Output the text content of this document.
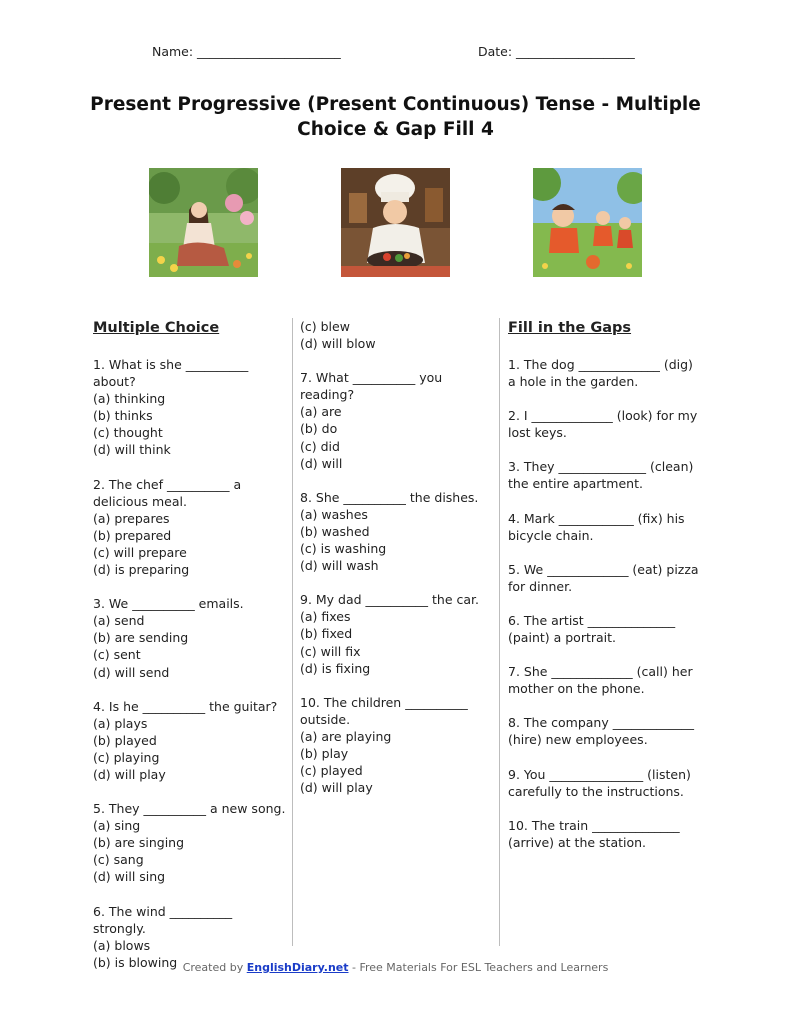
Name: _______________________	Date: ___________________
Present Progressive (Present Continuous) Tense - Multiple
Choice & Gap Fill 4
Multiple Choice
1. What is she __________ about?
(a) thinking
(b) thinks
(c) thought
(d) will think
2. The chef __________ a delicious meal.
(a) prepares
(b) prepared
(c) will prepare
(d) is preparing
3. We __________ emails.
(a) send
(b) are sending
(c) sent
(d) will send
4. Is he __________ the guitar?
(a) plays
(b) played
(c) playing
(d) will play
5. They __________ a new song.
(a) sing
(b) are singing
(c) sang
(d) will sing
6. The wind __________ strongly.
(a) blows
(b) is blowing
(c) blew
(d) will blow
7. What __________ you reading?
(a) are
(b) do
(c) did
(d) will
8. She __________ the dishes.
(a) washes
(b) washed
(c) is washing
(d) will wash
9. My dad __________ the car.
(a) fixes
(b) fixed
(c) will fix
(d) is fixing
10. The children __________ outside.
(a) are playing
(b) play
(c) played
(d) will play
Fill in the Gaps
1. The dog _____________ (dig) a hole in the garden.
2. I _____________ (look) for my lost keys.
3. They ______________ (clean) the entire apartment.
4. Mark ____________ (fix) his bicycle chain.
5. We _____________ (eat) pizza for dinner.
6. The artist ______________ (paint) a portrait.
7. She _____________ (call) her mother on the phone.
8. The company _____________ (hire) new employees.
9. You _______________ (listen) carefully to the instructions.
10. The train ______________ (arrive) at the station.
Created by EnglishDiary.net - Free Materials For ESL Teachers and Learners
